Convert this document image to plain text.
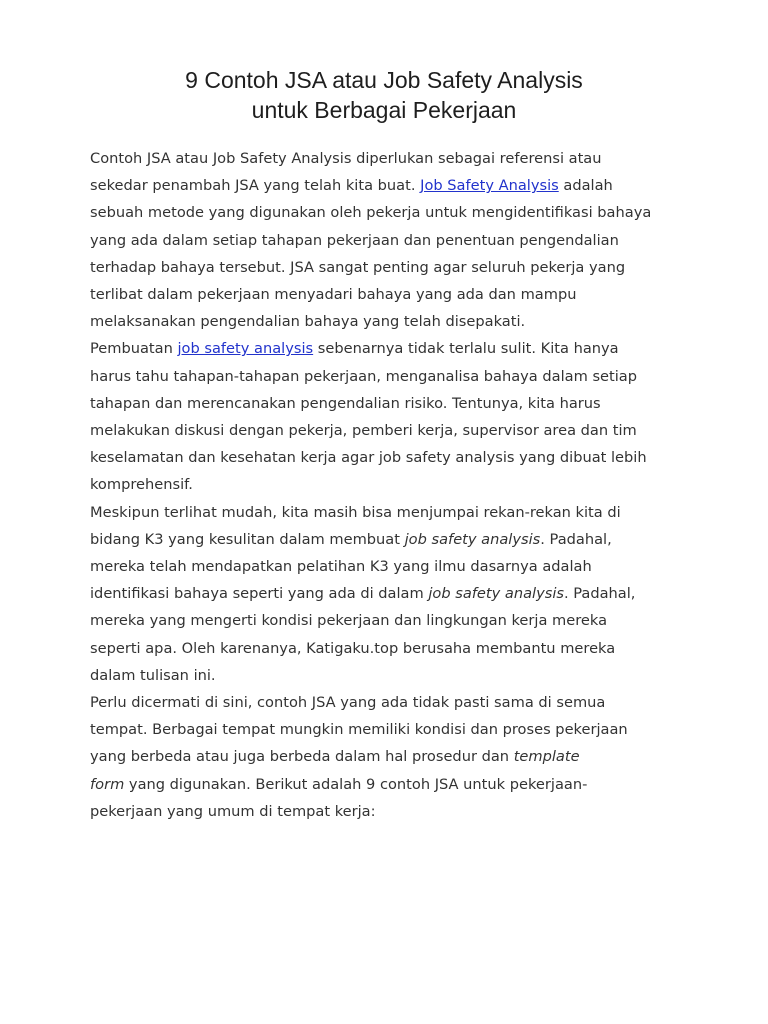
9 Contoh JSA atau Job Safety Analysis
untuk Berbagai Pekerjaan
Contoh JSA atau Job Safety Analysis diperlukan sebagai referensi atau
sekedar penambah JSA yang telah kita buat. Job Safety Analysis adalah
sebuah metode yang digunakan oleh pekerja untuk mengidentifikasi bahaya
yang ada dalam setiap tahapan pekerjaan dan penentuan pengendalian
terhadap bahaya tersebut. JSA sangat penting agar seluruh pekerja yang
terlibat dalam pekerjaan menyadari bahaya yang ada dan mampu
melaksanakan pengendalian bahaya yang telah disepakati.
Pembuatan job safety analysis sebenarnya tidak terlalu sulit. Kita hanya
harus tahu tahapan-tahapan pekerjaan, menganalisa bahaya dalam setiap
tahapan dan merencanakan pengendalian risiko. Tentunya, kita harus
melakukan diskusi dengan pekerja, pemberi kerja, supervisor area dan tim
keselamatan dan kesehatan kerja agar job safety analysis yang dibuat lebih
komprehensif.
Meskipun terlihat mudah, kita masih bisa menjumpai rekan-rekan kita di
bidang K3 yang kesulitan dalam membuat job safety analysis. Padahal,
mereka telah mendapatkan pelatihan K3 yang ilmu dasarnya adalah
identifikasi bahaya seperti yang ada di dalam job safety analysis. Padahal,
mereka yang mengerti kondisi pekerjaan dan lingkungan kerja mereka
seperti apa. Oleh karenanya, Katigaku.top berusaha membantu mereka
dalam tulisan ini.
Perlu dicermati di sini, contoh JSA yang ada tidak pasti sama di semua
tempat. Berbagai tempat mungkin memiliki kondisi dan proses pekerjaan
yang berbeda atau juga berbeda dalam hal prosedur dan template
form yang digunakan. Berikut adalah 9 contoh JSA untuk pekerjaan-
pekerjaan yang umum di tempat kerja:
